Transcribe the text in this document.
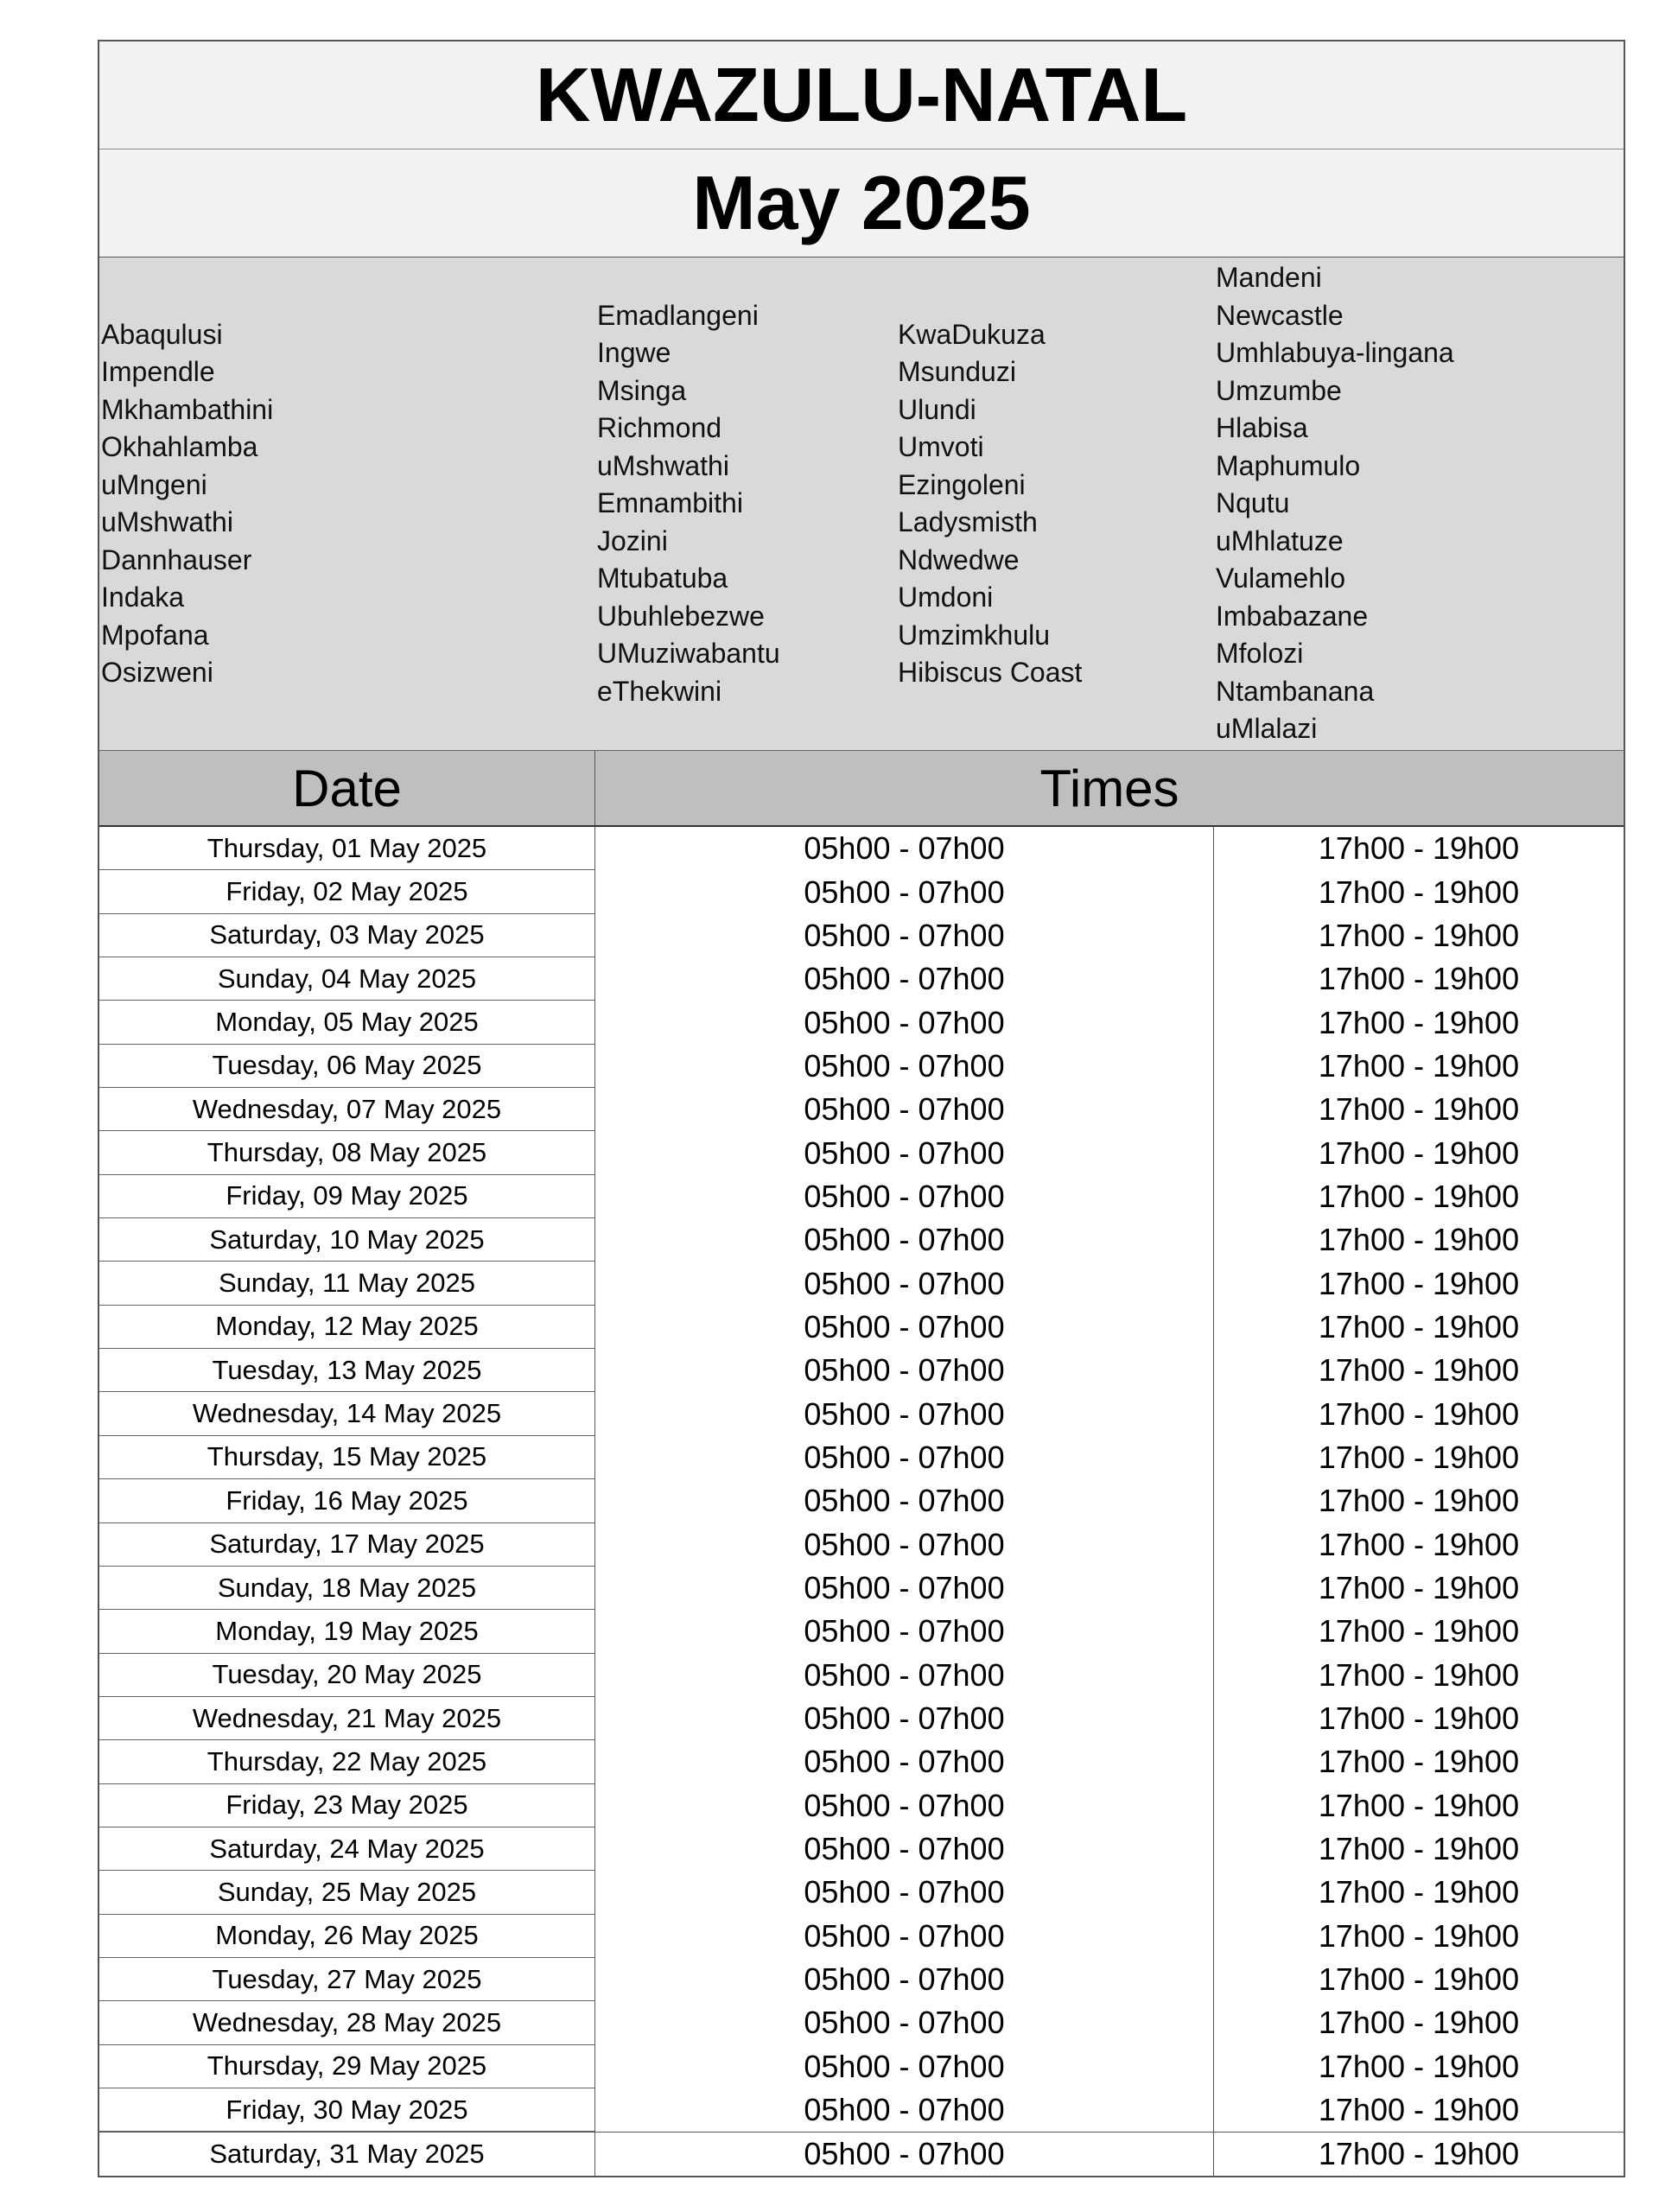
KWAZULU-NATAL
May 2025
Abaqulusi
Impendle
Mkhambathini
Okhahlamba
uMngeni
uMshwathi
Dannhauser
Indaka
Mpofana
Osizweni
Emadlangeni
Ingwe
Msinga
Richmond
uMshwathi
Emnambithi
Jozini
Mtubatuba
Ubuhlebezwe
UMuziwabantu
eThekwini
KwaDukuza
Msunduzi
Ulundi
Umvoti
Ezingoleni
Ladysmisth
Ndwedwe
Umdoni
Umzimkhulu
Hibiscus Coast
Mandeni
Newcastle
Umhlabuya-lingana
Umzumbe
Hlabisa
Maphumulo
Nqutu
uMhlatuze
Vulamehlo
Imbabazane
Mfolozi
Ntambanana
uMlalazi
Date	Times
Thursday, 01 May 2025	05h00 - 07h00	17h00 - 19h00
Friday, 02 May 2025	05h00 - 07h00	17h00 - 19h00
Saturday, 03 May 2025	05h00 - 07h00	17h00 - 19h00
Sunday, 04 May 2025	05h00 - 07h00	17h00 - 19h00
Monday, 05 May 2025	05h00 - 07h00	17h00 - 19h00
Tuesday, 06 May 2025	05h00 - 07h00	17h00 - 19h00
Wednesday, 07 May 2025	05h00 - 07h00	17h00 - 19h00
Thursday, 08 May 2025	05h00 - 07h00	17h00 - 19h00
Friday, 09 May 2025	05h00 - 07h00	17h00 - 19h00
Saturday, 10 May 2025	05h00 - 07h00	17h00 - 19h00
Sunday, 11 May 2025	05h00 - 07h00	17h00 - 19h00
Monday, 12 May 2025	05h00 - 07h00	17h00 - 19h00
Tuesday, 13 May 2025	05h00 - 07h00	17h00 - 19h00
Wednesday, 14 May 2025	05h00 - 07h00	17h00 - 19h00
Thursday, 15 May 2025	05h00 - 07h00	17h00 - 19h00
Friday, 16 May 2025	05h00 - 07h00	17h00 - 19h00
Saturday, 17 May 2025	05h00 - 07h00	17h00 - 19h00
Sunday, 18 May 2025	05h00 - 07h00	17h00 - 19h00
Monday, 19 May 2025	05h00 - 07h00	17h00 - 19h00
Tuesday, 20 May 2025	05h00 - 07h00	17h00 - 19h00
Wednesday, 21 May 2025	05h00 - 07h00	17h00 - 19h00
Thursday, 22 May 2025	05h00 - 07h00	17h00 - 19h00
Friday, 23 May 2025	05h00 - 07h00	17h00 - 19h00
Saturday, 24 May 2025	05h00 - 07h00	17h00 - 19h00
Sunday, 25 May 2025	05h00 - 07h00	17h00 - 19h00
Monday, 26 May 2025	05h00 - 07h00	17h00 - 19h00
Tuesday, 27 May 2025	05h00 - 07h00	17h00 - 19h00
Wednesday, 28 May 2025	05h00 - 07h00	17h00 - 19h00
Thursday, 29 May 2025	05h00 - 07h00	17h00 - 19h00
Friday, 30 May 2025	05h00 - 07h00	17h00 - 19h00
Saturday, 31 May 2025	05h00 - 07h00	17h00 - 19h00
